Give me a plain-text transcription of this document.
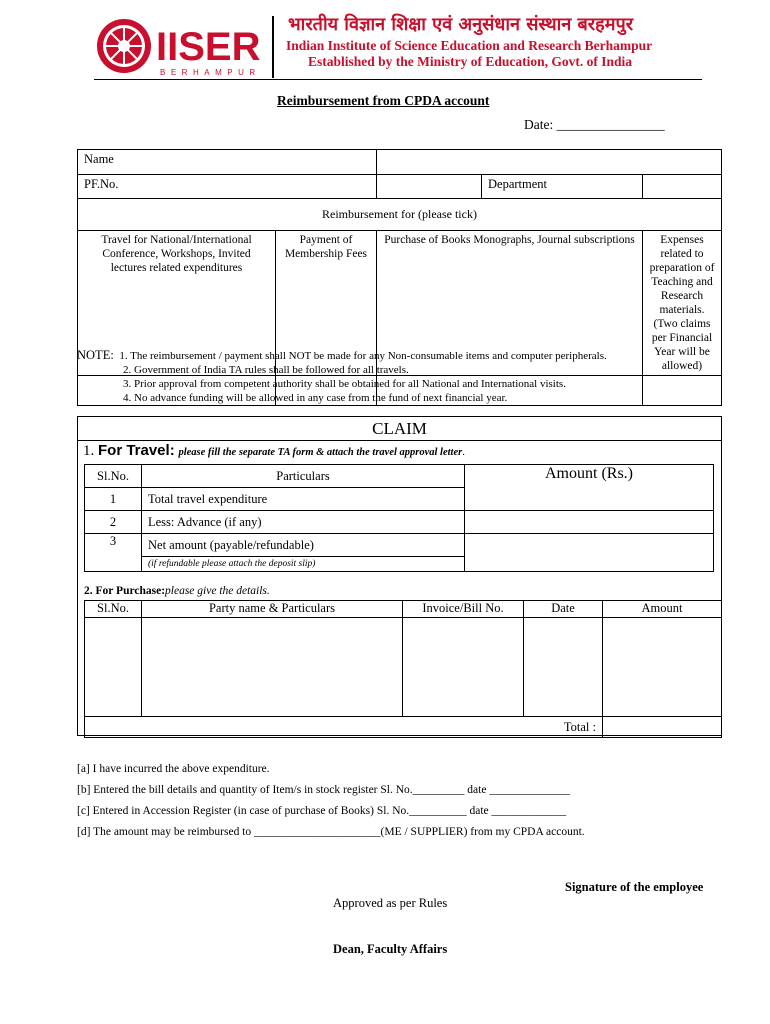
IISER
BERHAMPUR
भारतीय विज्ञान शिक्षा एवं अनुसंधान संस्थान बरहमपुर
Indian Institute of Science Education and Research Berhampur
Established by the Ministry of Education, Govt. of India
Reimbursement from CPDA account
Date: ________________
Name				
PF.No.			Department	
Reimbursement for (please tick)				
Travel for National/International Conference, Workshops, Invited lectures related expenditures	Payment of Membership Fees	Purchase of Books Monographs, Journal subscriptions		Expenses related to preparation of Teaching and Research materials. (Two claims per Financial Year will be allowed)

NOTE: 1. The reimbursement / payment shall NOT be made for any Non-consumable items and computer peripherals.
2. Government of India TA rules shall be followed for all travels.
3. Prior approval from competent authority shall be obtained for all National and International visits.
4. No advance funding will be allowed in any case from the fund of next financial year.
CLAIM
1. For Travel: please fill the separate TA form & attach the travel approval letter.
Sl.No.	Particulars	Amount (Rs.)
1	Total travel expenditure	
2	Less: Advance (if any)	
3	Net amount (payable/refundable)	
	(if refundable please attach the deposit slip)	
2. For Purchase:please give the details.
Sl.No.	Party name & Particulars	Invoice/Bill No.	Date	Amount

Total :				
[a] I have incurred the above expenditure.
[b] Entered the bill details and quantity of Item/s in stock register Sl. No._________ date ______________
[c] Entered in Accession Register (in case of purchase of Books) Sl. No.__________ date _____________
[d] The amount may be reimbursed to ______________________(ME / SUPPLIER) from my CPDA account.
Signature of the employee
Approved as per Rules
Dean, Faculty Affairs
